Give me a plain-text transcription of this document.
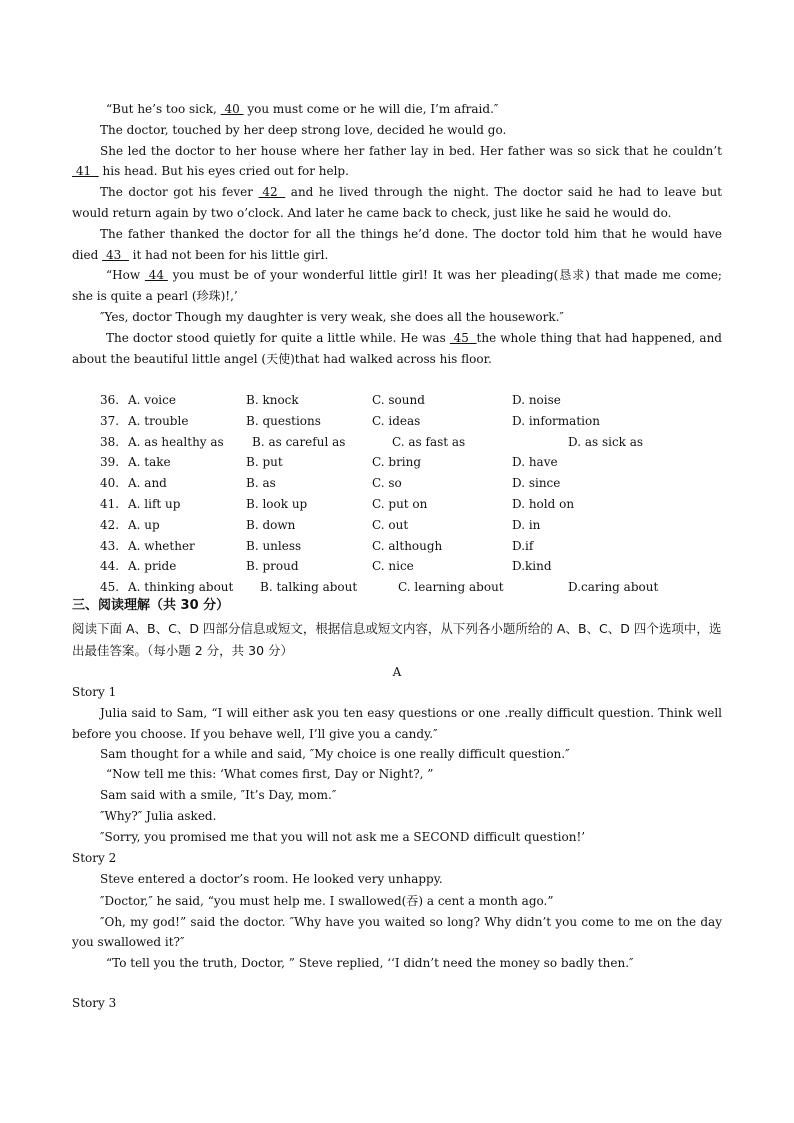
“But he’s too sick,  40  you must come or he will die, I’m afraid.″

The doctor, touched by her deep strong love, decided he would go.

She led the doctor to her house where her father lay in bed. Her father was so sick that he couldn’t  41   his head. But his eyes cried out for help.

The doctor got his fever  42   and he lived through the night. The doctor said he had to leave but would return again by two o’clock. And later he came back to check, just like he said he would do.

The father thanked the doctor for all the things he’d done. The doctor told him that he would have died  43   it had not been for his little girl.

“How  44  you must be of your wonderful little girl! It was her pleading(恳求) that made me come; she is quite a pearl (珍珠)!,’

″Yes, doctor Though my daughter is very weak, she does all the housework.″

The doctor stood quietly for quite a little while. He was  45  the whole thing that had happened, and about the beautiful little angel (天使)that had walked across his floor.

36. A. voice	B. knock	C. sound	D. noise
37. A. trouble	B. questions	C. ideas	D. information
38. A. as healthy as B. as careful as	C. as fast as	D. as sick as
39. A. take	B. put	C. bring	D. have
40. A. and	B. as	C. so	D. since
41. A. lift up	B. look up	C. put on	D. hold on
42. A. up	B. down	C. out	D. in
43. A. whether	B. unless	C. although	D.if
44. A. pride	B. proud	C. nice	D.kind
45. A. thinking about B. talking about	C. learning about	D.caring about
三、阅读理解（共 30 分）
阅读下面 A、B、C、D 四部分信息或短文，根据信息或短文内容，从下列各小题所给的 A、B、C、D 四个选项中，选出最佳答案。（每小题 2 分，共 30 分）
A
Story 1

Julia said to Sam, “I will either ask you ten easy questions or one .really difficult question. Think well before you choose. If you behave well, I’ll give you a candy.″

Sam thought for a while and said, ″My choice is one really difficult question.″

“Now tell me this: ‘What comes first, Day or Night?, ”

Sam said with a smile, ″It’s Day, mom.″

″Why?″ Julia asked.

″Sorry, you promised me that you will not ask me a SECOND difficult question!’

Story 2

Steve entered a doctor’s room. He looked very unhappy.

″Doctor,″ he said, “you must help me. I swallowed(吞) a cent a month ago.”

″Oh, my god!” said the doctor. ″Why have you waited so long? Why didn’t you come to me on the day you swallowed it?″

“To tell you the truth, Doctor, ” Steve replied, ‘‘I didn’t need the money so badly then.″

Story 3
